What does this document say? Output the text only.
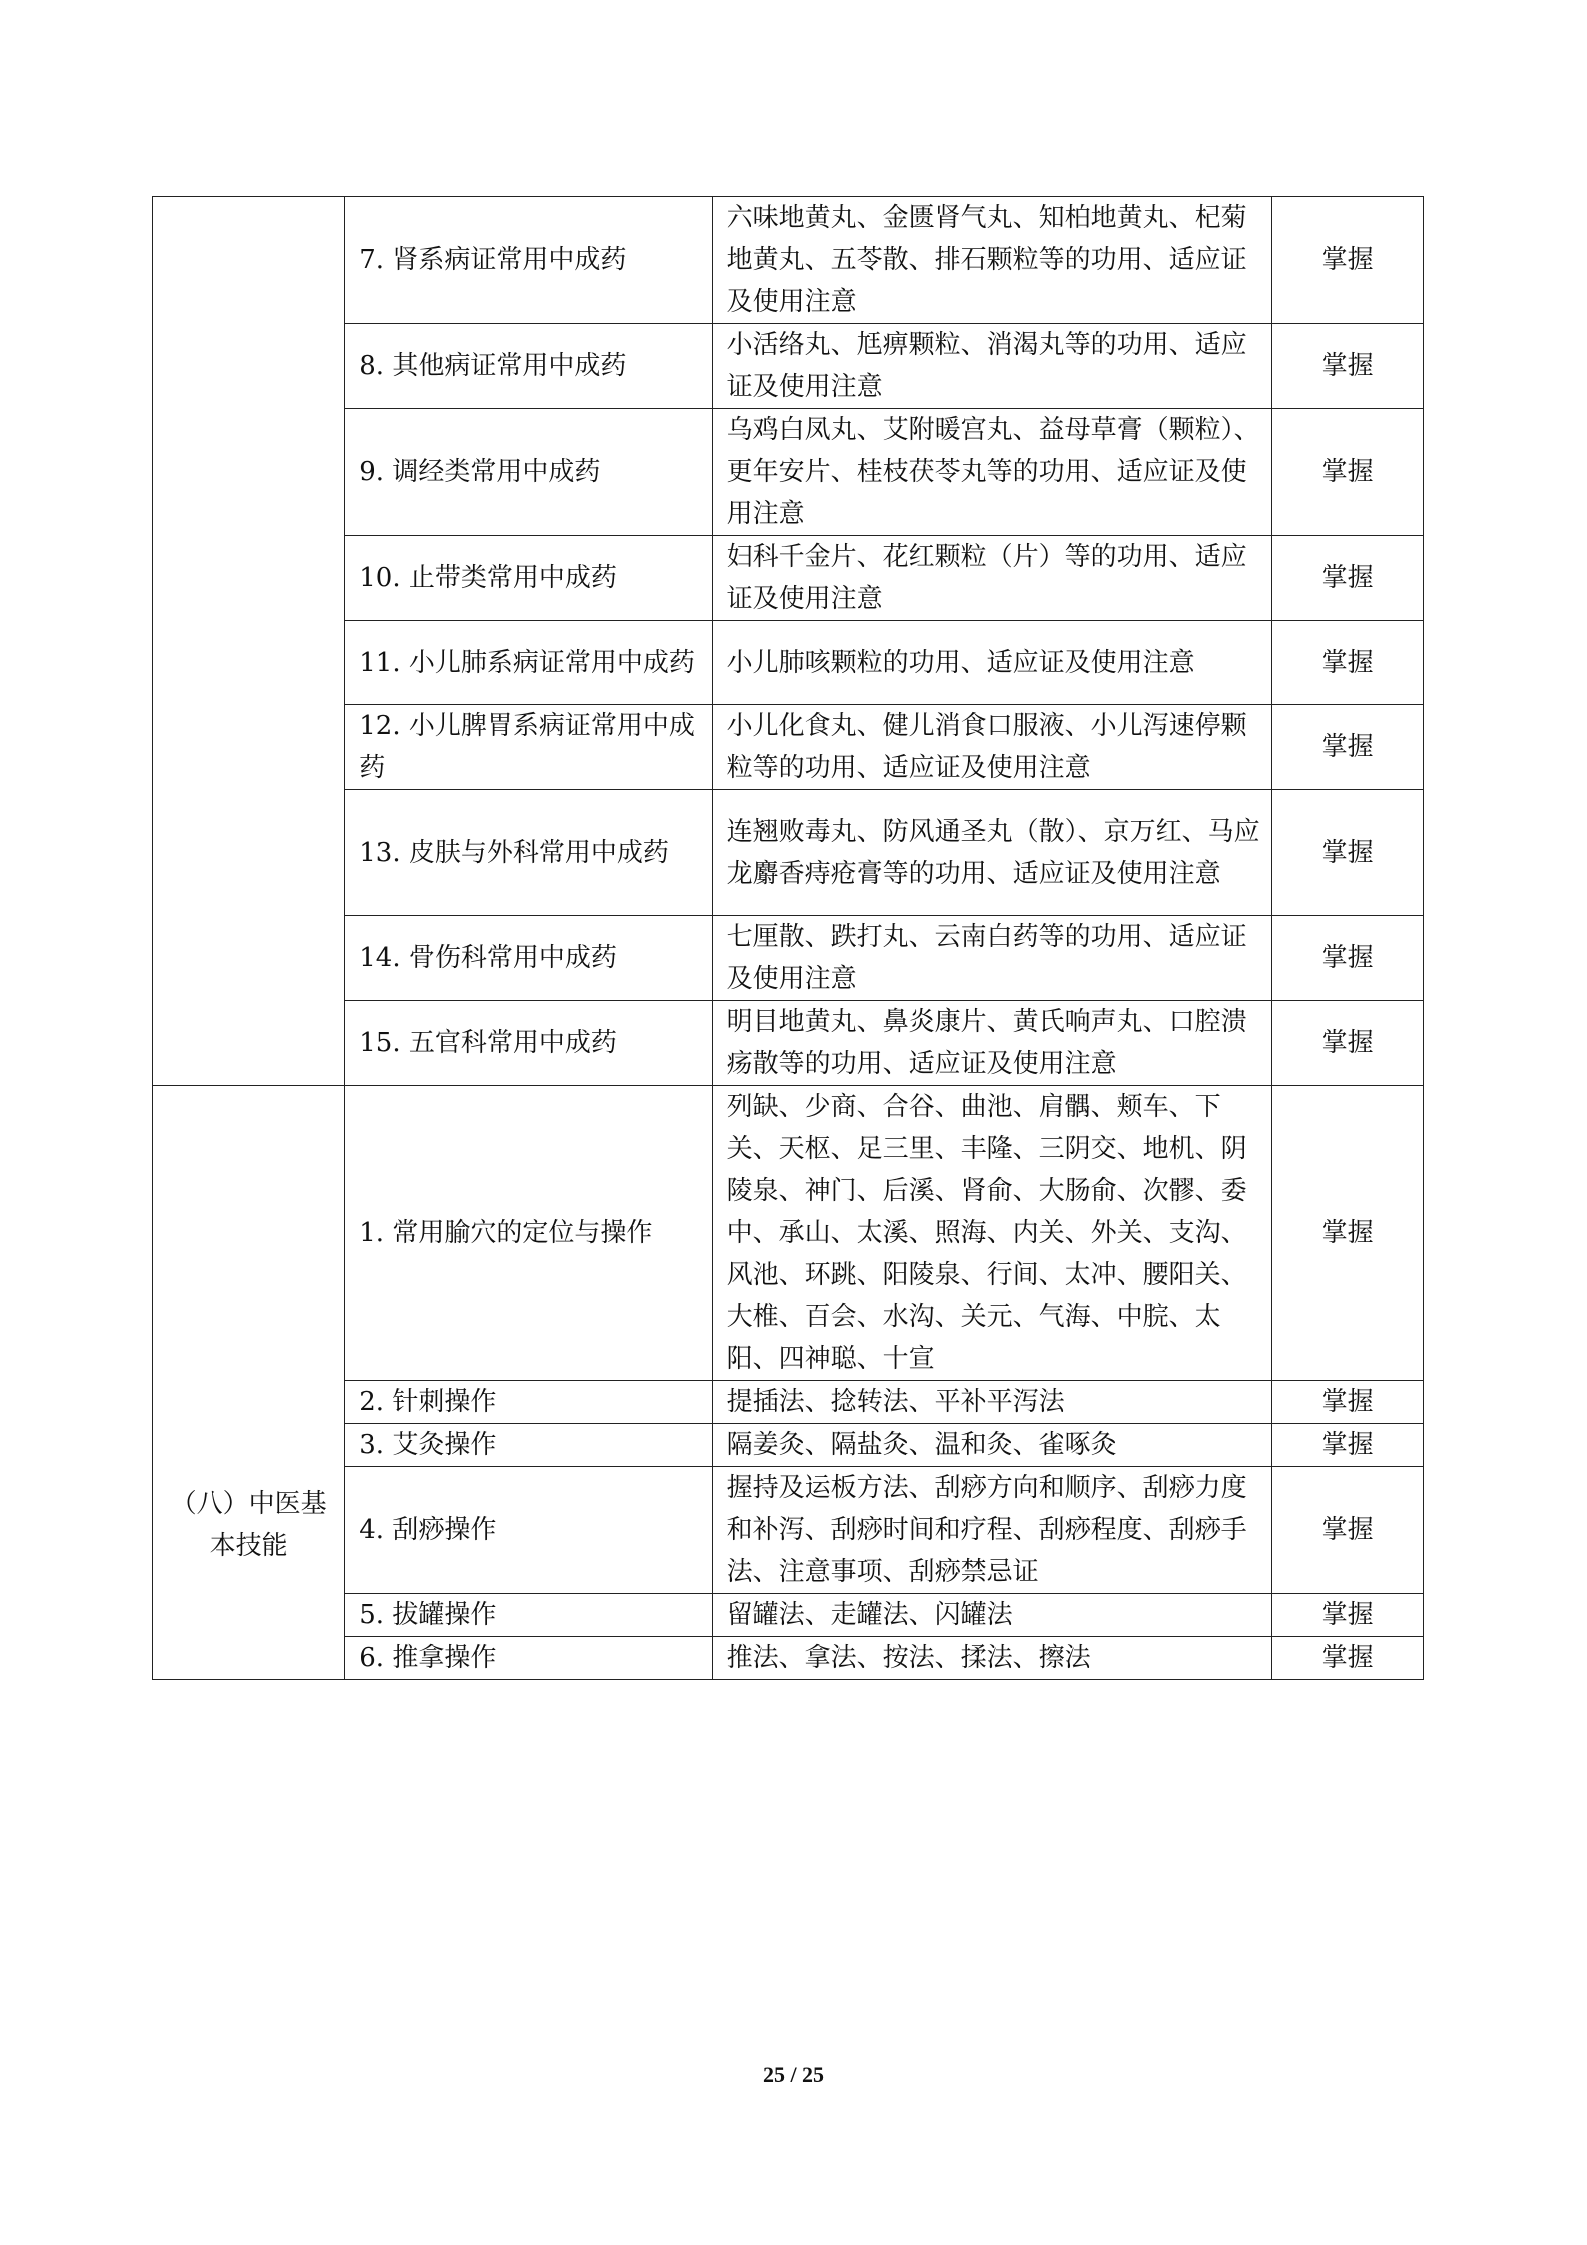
	7. 肾系病证常用中成药	六味地黄丸、金匮肾气丸、知柏地黄丸、杞菊地黄丸、五苓散、排石颗粒等的功用、适应证及使用注意	掌握
	8. 其他病证常用中成药	小活络丸、尪痹颗粒、消渴丸等的功用、适应证及使用注意	掌握
	9. 调经类常用中成药	乌鸡白凤丸、艾附暖宫丸、益母草膏（颗粒）、更年安片、桂枝茯苓丸等的功用、适应证及使用注意	掌握
	10. 止带类常用中成药	妇科千金片、花红颗粒（片）等的功用、适应证及使用注意	掌握
	11. 小儿肺系病证常用中成药	小儿肺咳颗粒的功用、适应证及使用注意	掌握
	12. 小儿脾胃系病证常用中成药	小儿化食丸、健儿消食口服液、小儿泻速停颗粒等的功用、适应证及使用注意	掌握
	13. 皮肤与外科常用中成药	连翘败毒丸、防风通圣丸（散）、京万红、马应龙麝香痔疮膏等的功用、适应证及使用注意	掌握
	14. 骨伤科常用中成药	七厘散、跌打丸、云南白药等的功用、适应证及使用注意	掌握
	15. 五官科常用中成药	明目地黄丸、鼻炎康片、黄氏响声丸、口腔溃疡散等的功用、适应证及使用注意	掌握
（八）中医基本技能	1. 常用腧穴的定位与操作	列缺、少商、合谷、曲池、肩髃、颊车、下关、天枢、足三里、丰隆、三阴交、地机、阴陵泉、神门、后溪、肾俞、大肠俞、次髎、委中、承山、太溪、照海、内关、外关、支沟、风池、环跳、阳陵泉、行间、太冲、腰阳关、大椎、百会、水沟、关元、气海、中脘、太阳、四神聪、十宣	掌握
	2. 针刺操作	提插法、捻转法、平补平泻法	掌握
	3. 艾灸操作	隔姜灸、隔盐灸、温和灸、雀啄灸	掌握
	4. 刮痧操作	握持及运板方法、刮痧方向和顺序、刮痧力度和补泻、刮痧时间和疗程、刮痧程度、刮痧手法、注意事项、刮痧禁忌证	掌握
	5. 拔罐操作	留罐法、走罐法、闪罐法	掌握
	6. 推拿操作	推法、拿法、按法、揉法、擦法	掌握
25 / 25
